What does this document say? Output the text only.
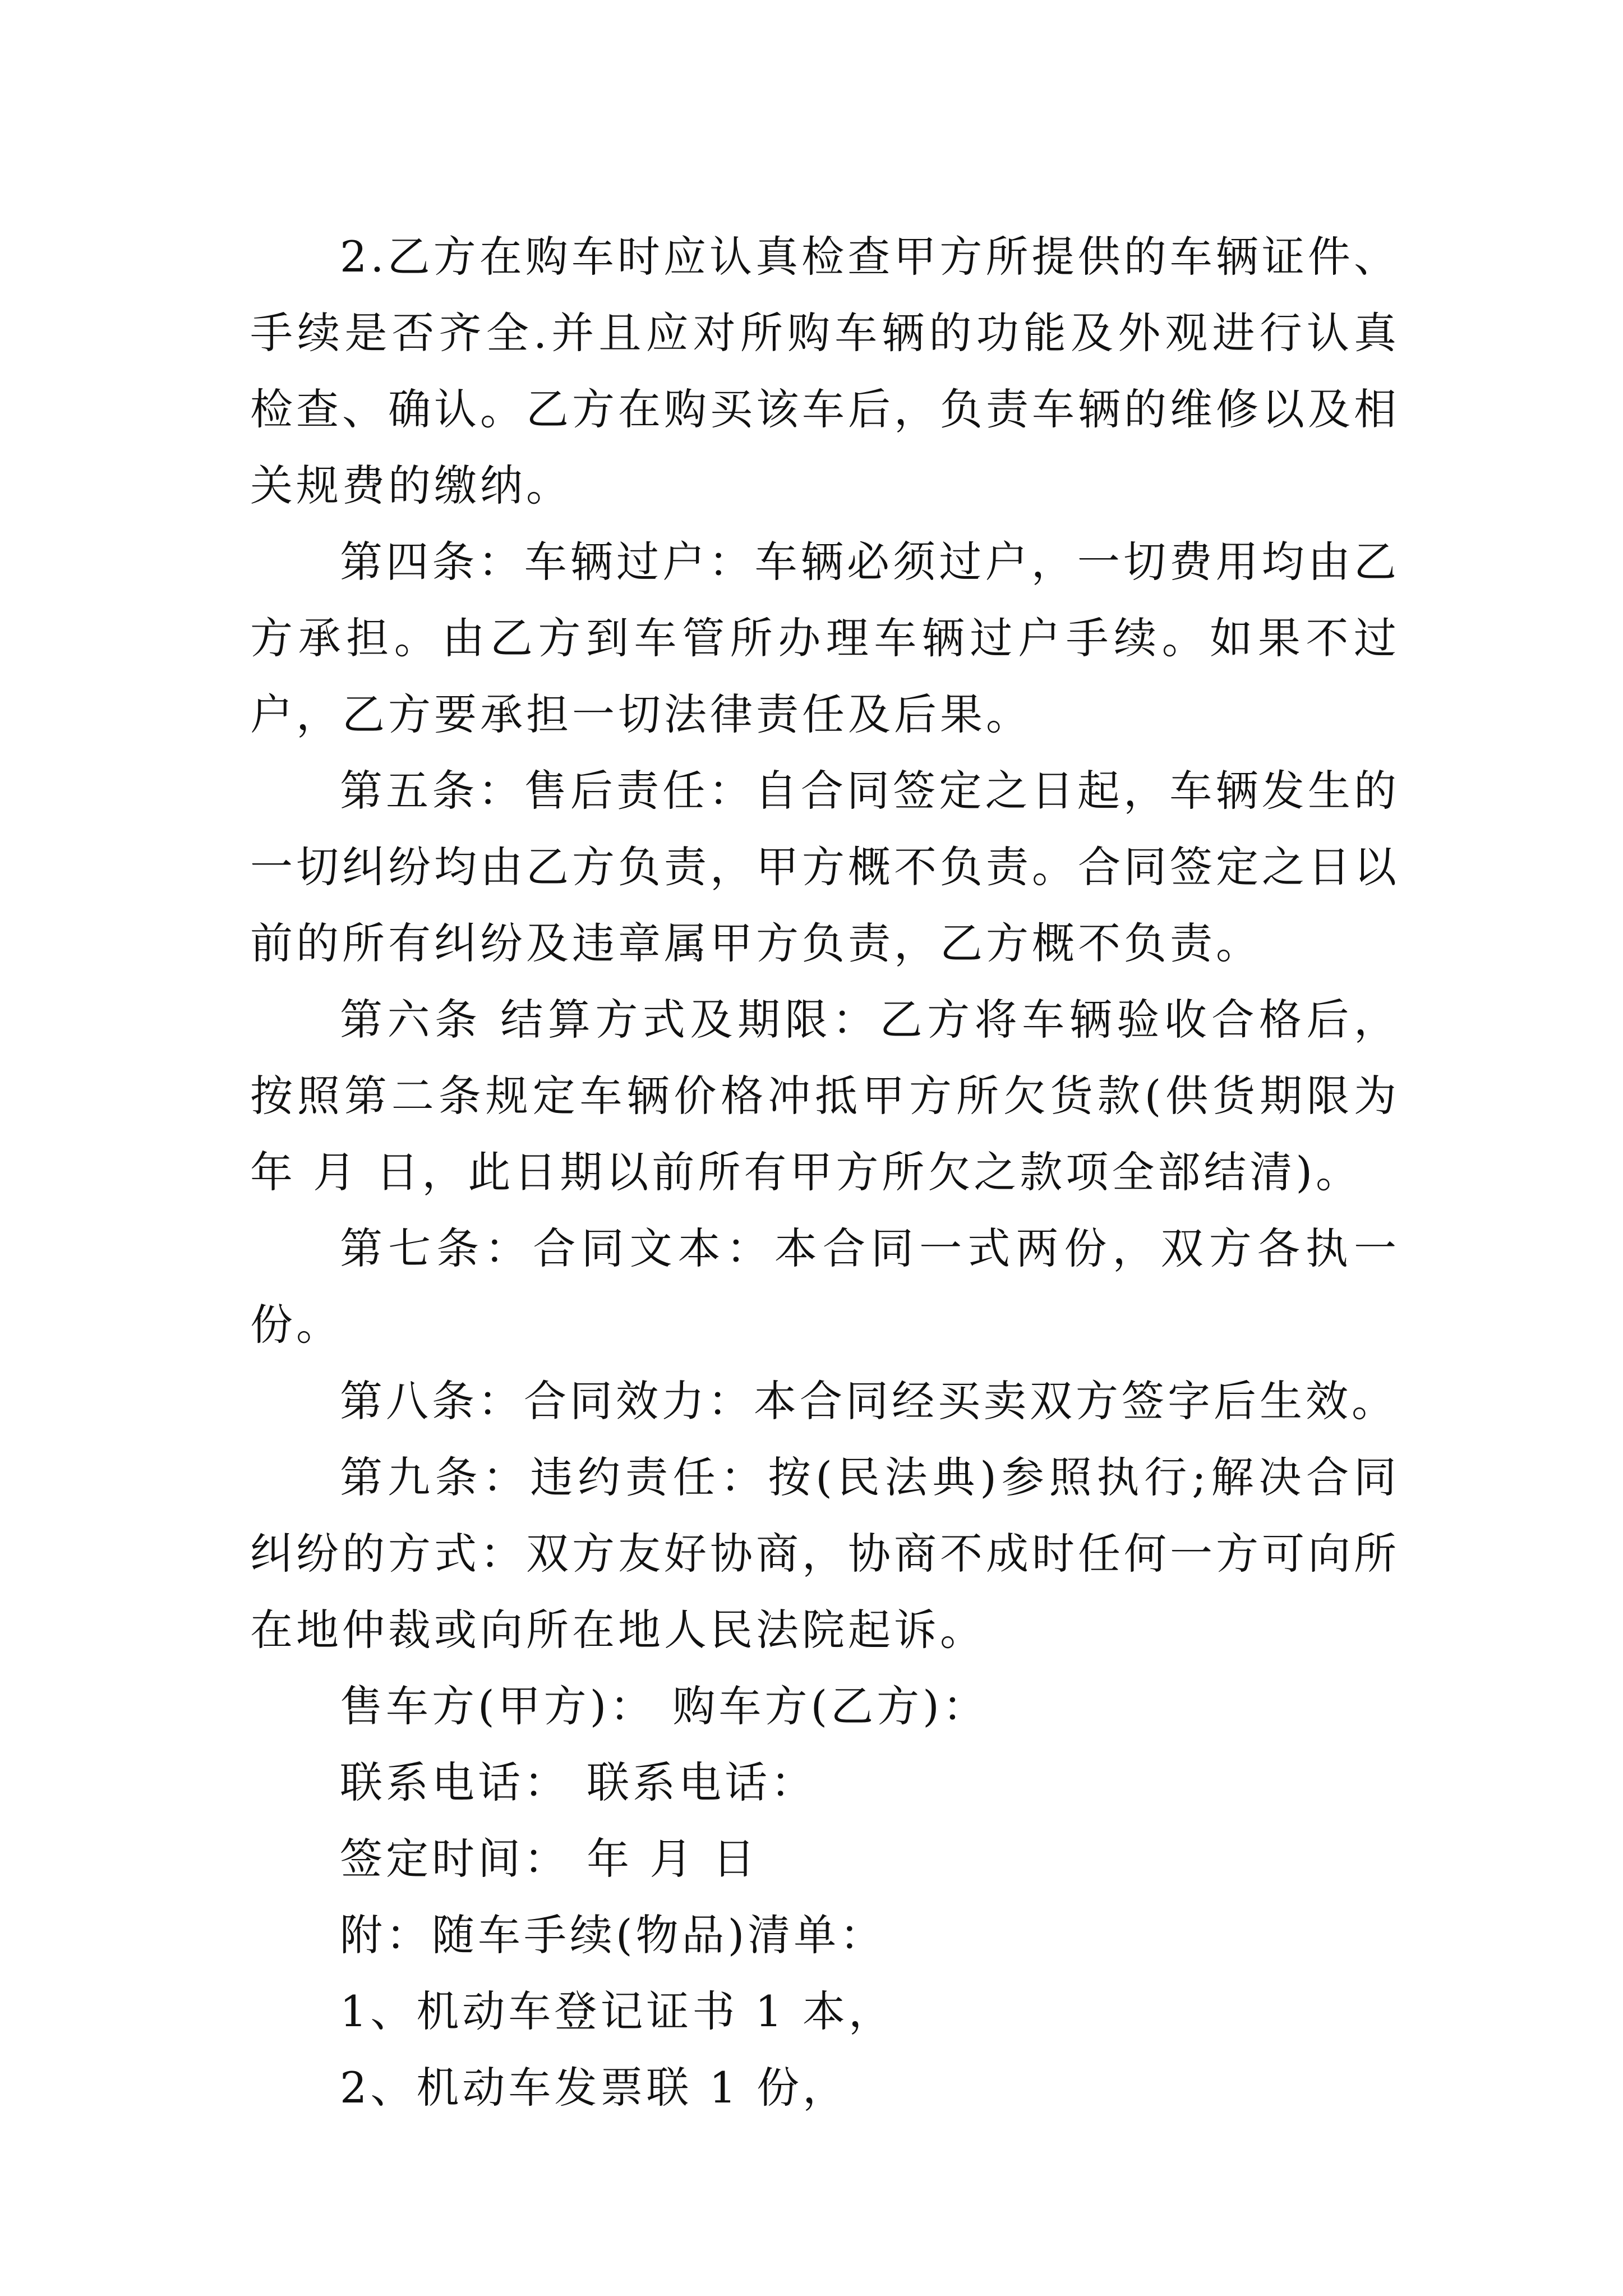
2.乙方在购车时应认真检查甲方所提供的车辆证件、手续是否齐全.并且应对所购车辆的功能及外观进行认真检查、确认。乙方在购买该车后，负责车辆的维修以及相关规费的缴纳。

第四条：车辆过户：车辆必须过户，一切费用均由乙方承担。由乙方到车管所办理车辆过户手续。如果不过户，乙方要承担一切法律责任及后果。

第五条：售后责任：自合同签定之日起，车辆发生的一切纠纷均由乙方负责，甲方概不负责。合同签定之日以前的所有纠纷及违章属甲方负责，乙方概不负责。

第六条 结算方式及期限：乙方将车辆验收合格后，按照第二条规定车辆价格冲抵甲方所欠货款(供货期限为 年 月 日，此日期以前所有甲方所欠之款项全部结清)。

第七条：合同文本：本合同一式两份，双方各执一份。

第八条：合同效力：本合同经买卖双方签字后生效。

第九条：违约责任：按(民法典)参照执行;解决合同纠纷的方式：双方友好协商，协商不成时任何一方可向所在地仲裁或向所在地人民法院起诉。

售车方(甲方)： 购车方(乙方)：

联系电话： 联系电话：

签定时间： 年 月 日

附：随车手续(物品)清单：

1、机动车登记证书 1 本，

2、机动车发票联 1 份，
